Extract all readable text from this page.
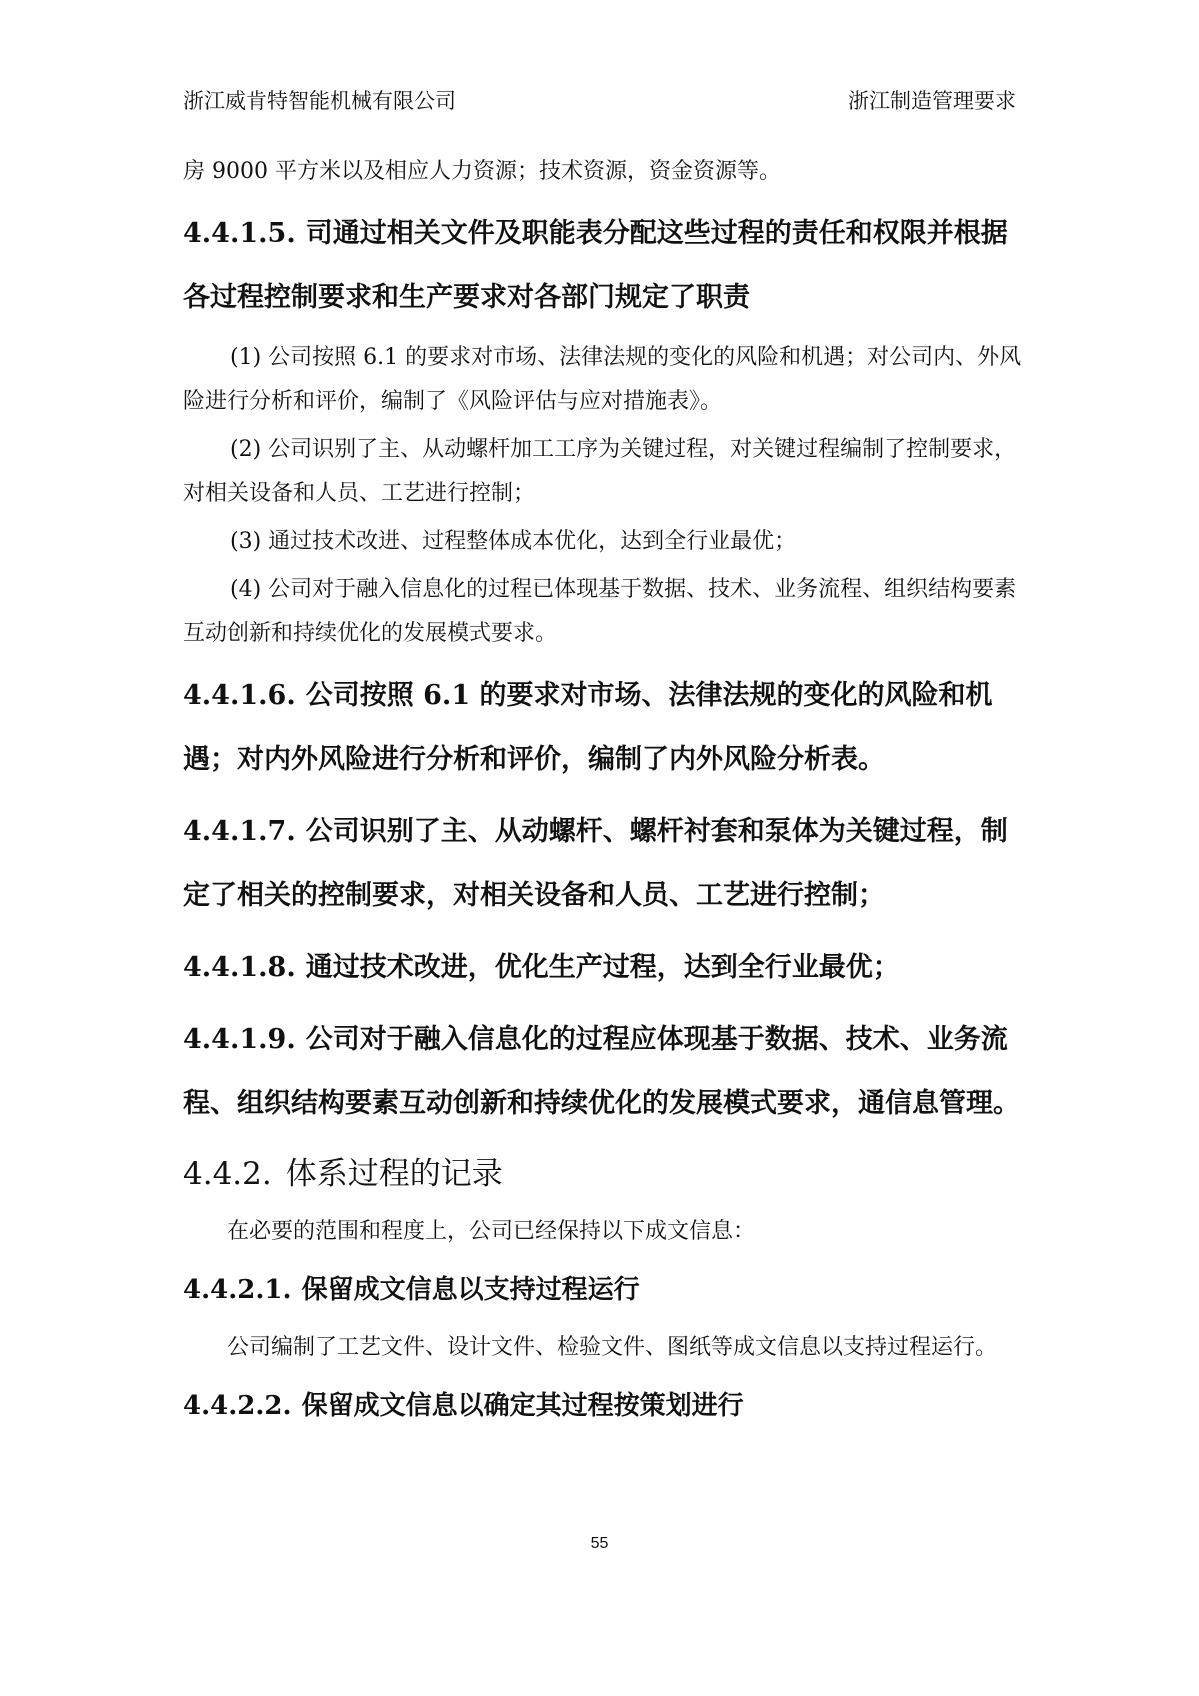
浙江威肯特智能机械有限公司	浙江制造管理要求

房 9000 平方米以及相应人力资源；技术资源，资金资源等。

4.4.1.5. 司通过相关文件及职能表分配这些过程的责任和权限并根据各过程控制要求和生产要求对各部门规定了职责

(1) 公司按照 6.1 的要求对市场、法律法规的变化的风险和机遇；对公司内、外风险进行分析和评价，编制了《风险评估与应对措施表》。

(2) 公司识别了主、从动螺杆加工工序为关键过程，对关键过程编制了控制要求，对相关设备和人员、工艺进行控制；

(3) 通过技术改进、过程整体成本优化，达到全行业最优；

(4) 公司对于融入信息化的过程已体现基于数据、技术、业务流程、组织结构要素互动创新和持续优化的发展模式要求。

4.4.1.6. 公司按照 6.1 的要求对市场、法律法规的变化的风险和机遇；对内外风险进行分析和评价，编制了内外风险分析表。
4.4.1.7. 公司识别了主、从动螺杆、螺杆衬套和泵体为关键过程，制定了相关的控制要求，对相关设备和人员、工艺进行控制；
4.4.1.8. 通过技术改进，优化生产过程，达到全行业最优；
4.4.1.9. 公司对于融入信息化的过程应体现基于数据、技术、业务流程、组织结构要素互动创新和持续优化的发展模式要求，通信息管理。
4.4.2. 体系过程的记录

在必要的范围和程度上，公司已经保持以下成文信息：

4.4.2.1. 保留成文信息以支持过程运行

公司编制了工艺文件、设计文件、检验文件、图纸等成文信息以支持过程运行。

4.4.2.2. 保留成文信息以确定其过程按策划进行
55
